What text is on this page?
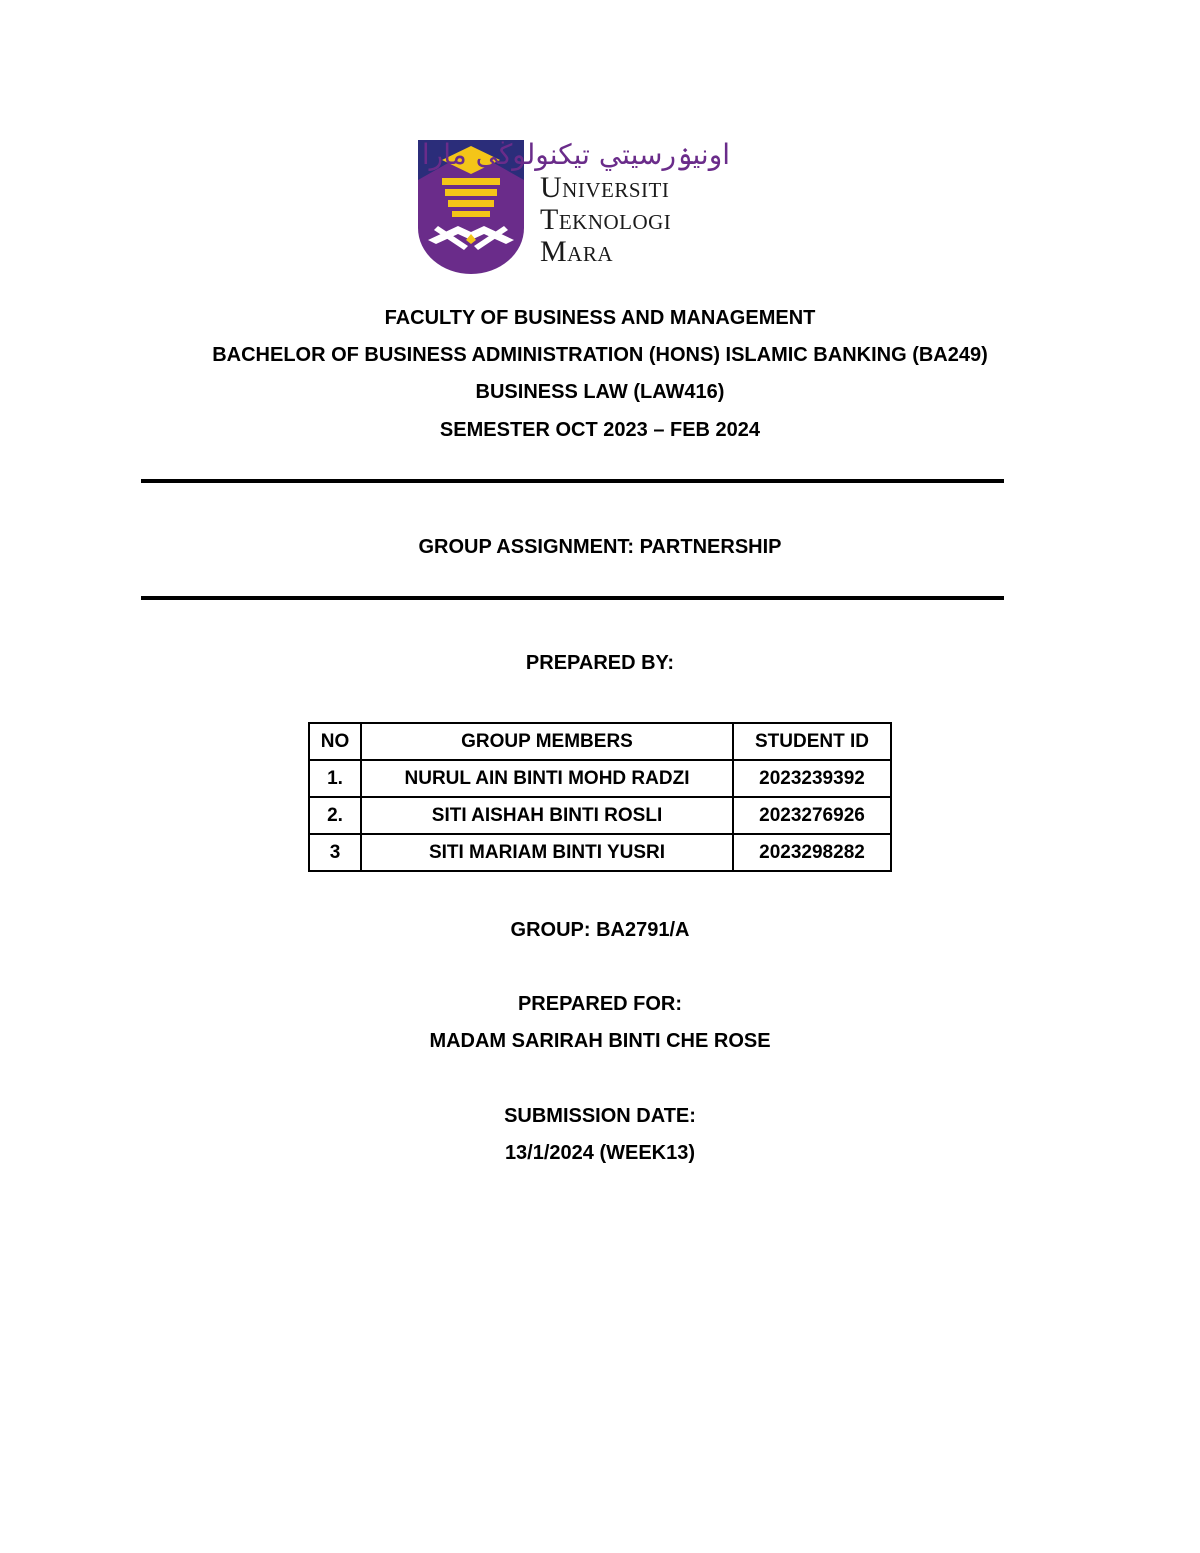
اونيۏرسيتي تيكنولوڬي مارا
Universiti
Teknologi
Mara
FACULTY OF BUSINESS AND MANAGEMENT
BACHELOR OF BUSINESS ADMINISTRATION (HONS) ISLAMIC BANKING (BA249)
BUSINESS LAW (LAW416)
SEMESTER OCT 2023 – FEB 2024
GROUP ASSIGNMENT: PARTNERSHIP
PREPARED BY:
NO	GROUP MEMBERS	STUDENT ID
1.	NURUL AIN BINTI MOHD RADZI	2023239392
2.	SITI AISHAH BINTI ROSLI	2023276926
3	SITI MARIAM BINTI YUSRI	2023298282
GROUP: BA2791/A
PREPARED FOR:
MADAM SARIRAH BINTI CHE ROSE
SUBMISSION DATE:
13/1/2024 (WEEK13)
